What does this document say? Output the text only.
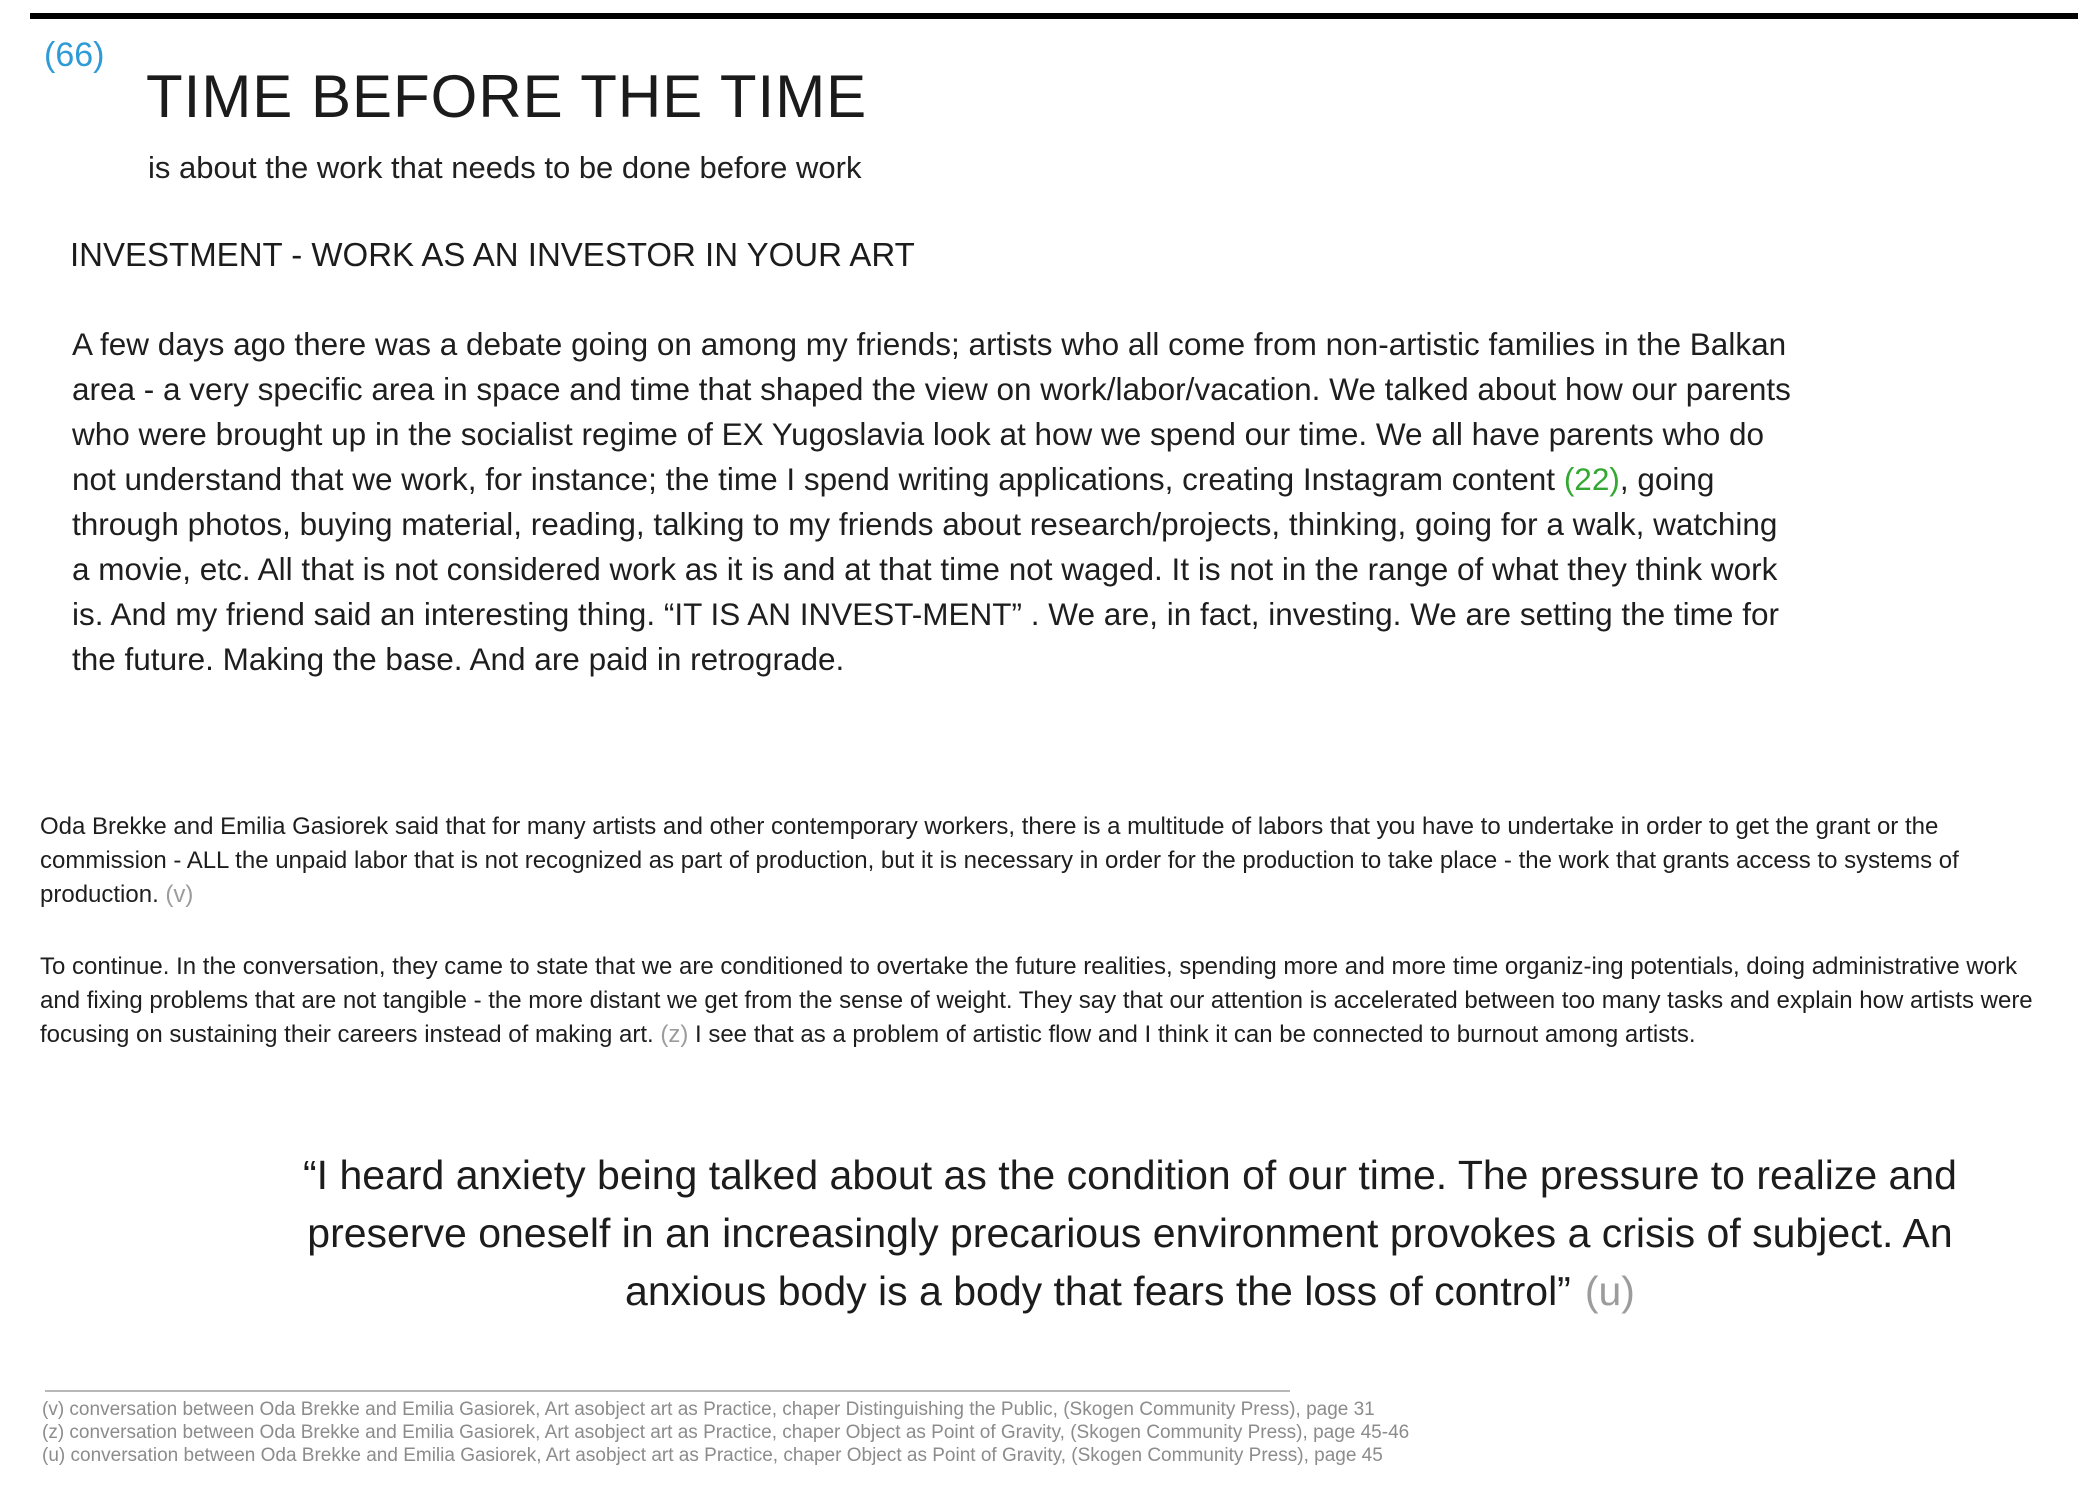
(66)
TIME BEFORE THE TIME
is about the work that needs to be done before work
INVESTMENT - WORK AS AN INVESTOR IN YOUR ART

A few days ago there was a debate going on among my friends; artists who all come from non-artistic families in the Balkan area - a very specific area in space and time that shaped the view on work/labor/vacation. We talked about how our parents who were brought up in the socialist regime of EX Yugoslavia look at how we spend our time. We all have parents who do not understand that we work, for instance; the time I spend writing applications, creating Instagram content (22), going through photos, buying material, reading, talking to my friends about research/projects, thinking, going for a walk, watching a movie, etc. All that is not considered work as it is and at that time not waged. It is not in the range of what they think work is. And my friend said an interesting thing. “IT IS AN INVEST-MENT” . We are, in fact, investing. We are setting the time for the future. Making the base. And are paid in retrograde.

Oda Brekke and Emilia Gasiorek said that for many artists and other contemporary workers, there is a multitude of labors that you have to undertake in order to get the grant or the commission - ALL the unpaid labor that is not recognized as part of production, but it is necessary in order for the production to take place - the work that grants access to systems of production. (v)

To continue. In the conversation, they came to state that we are conditioned to overtake the future realities, spending more and more time organiz-ing potentials, doing administrative work and fixing problems that are not tangible - the more distant we get from the sense of weight. They say that our attention is accelerated between too many tasks and explain how artists were focusing on sustaining their careers instead of making art. (z) I see that as a problem of artistic flow and I think it can be connected to burnout among artists.

“I heard anxiety being talked about as the condition of our time. The pressure to realize and preserve oneself in an increasingly precarious environment provokes a crisis of subject. An anxious body is a body that fears the loss of control” (u)
(v) conversation between Oda Brekke and Emilia Gasiorek, Art asobject art as Practice, chaper Distinguishing the Public, (Skogen Community Press), page 31
(z) conversation between Oda Brekke and Emilia Gasiorek, Art asobject art as Practice, chaper Object as Point of Gravity, (Skogen Community Press), page 45-46
(u) conversation between Oda Brekke and Emilia Gasiorek, Art asobject art as Practice, chaper Object as Point of Gravity, (Skogen Community Press), page 45
